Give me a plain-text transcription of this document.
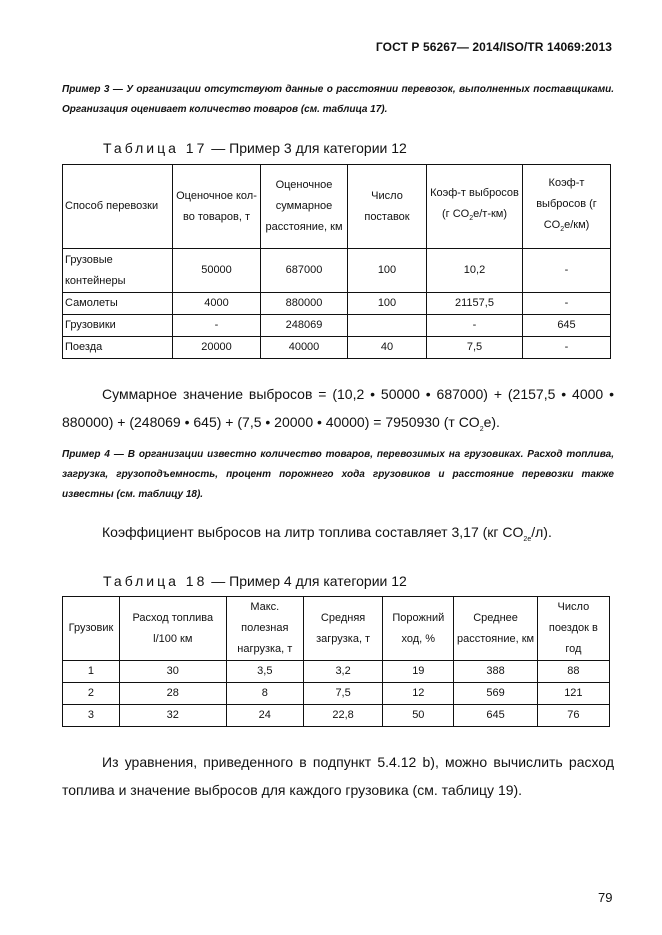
ГОСТ Р 56267— 2014/ISO/TR 14069:2013
Пример 3 — У организации отсутствуют данные о расстоянии перевозок, выполненных поставщиками. Организация оценивает количество товаров (см. таблица 17).
Таблица 17 — Пример 3 для категории 12
Способ перевозки	Оценочное кол-во товаров, т	Оценочное суммарное расстояние, км	Число поставок	Коэф-т выбросов (г $CO_2е/т-км$)	Коэф-т выбросов (г $CO_2е/км$)
Грузовые контейнеры	50000	687000	100	10,2	-
Самолеты	4000	880000	100	21157,5	-
Грузовики	-	248069		-	645
Поезда	20000	40000	40	7,5	-
Суммарное значение выбросов = (10,2 • 50000 • 687000) + (2157,5 • 4000 • 880000) + (248069 • 645) + (7,5 • 20000 • 40000) = 7950930 (т $CO_2е$).
Пример 4 — В организации известно количество товаров, перевозимых на грузовиках. Расход топлива, загрузка, грузоподъемность, процент порожнего хода грузовиков и расстояние перевозки также известны (см. таблицу 18).
Коэффициент выбросов на литр топлива составляет 3,17 (кг $CO_{2е}/л$).
Таблица 18 — Пример 4 для категории 12
Грузовик	Расход топлива l/100 км	Макс. полезная нагрузка, т	Средняя загрузка, т	Порожний ход, %	Среднее расстояние, км	Число поездок в год
1	30	3,5	3,2	19	388	88
2	28	8	7,5	12	569	121
3	32	24	22,8	50	645	76
Из уравнения, приведенного в подпункт 5.4.12 b), можно вычислить расход топлива и значение выбросов для каждого грузовика (см. таблицу 19).
79
